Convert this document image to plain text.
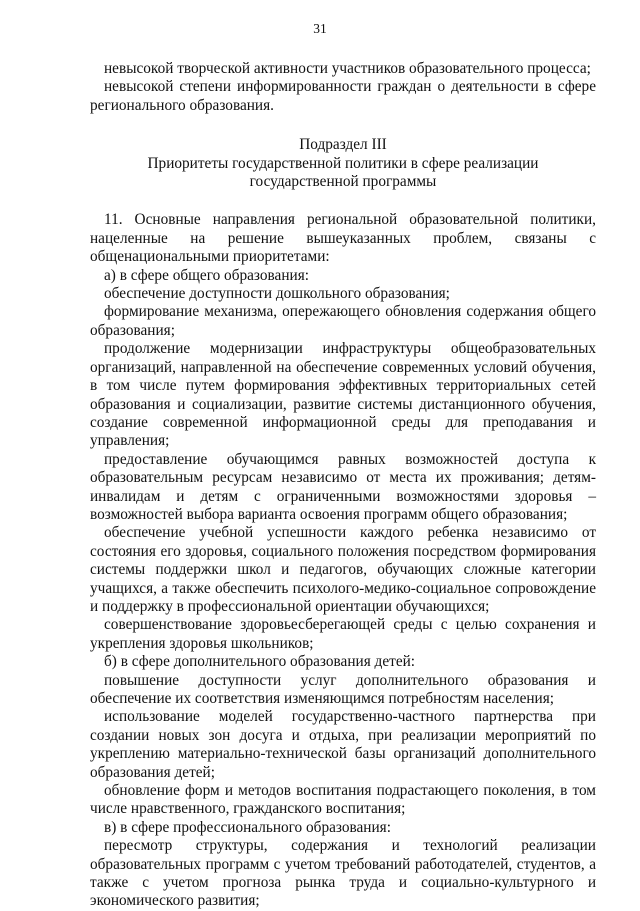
31

невысокой творческой активности участников образовательного процесса;

невысокой степени информированности граждан о деятельности в сфере регионального образования.

Подраздел III

Приоритеты государственной политики в сфере реализации

государственной программы

11. Основные направления региональной образовательной политики, нацеленные на решение вышеуказанных проблем, связаны с общенациональными приоритетами:

а) в сфере общего образования:

обеспечение доступности дошкольного образования;

формирование механизма, опережающего обновления содержания общего образования;

продолжение модернизации инфраструктуры общеобразовательных организаций, направленной на обеспечение современных условий обучения, в том числе путем формирования эффективных территориальных сетей образования и социализации, развитие системы дистанционного обучения, создание современной информационной среды для преподавания и управления;

предоставление обучающимся равных возможностей доступа к образовательным ресурсам независимо от места их проживания; детям-инвалидам и детям с ограниченными возможностями здоровья – возможностей выбора варианта освоения программ общего образования;

обеспечение учебной успешности каждого ребенка независимо от состояния его здоровья, социального положения посредством формирования системы поддержки школ и педагогов, обучающих сложные категории учащихся, а также обеспечить психолого-медико-социальное сопровождение и поддержку в профессиональной ориентации обучающихся;

совершенствование здоровьесберегающей среды с целью сохранения и укрепления здоровья школьников;

б) в сфере дополнительного образования детей:

повышение доступности услуг дополнительного образования и обеспечение их соответствия изменяющимся потребностям населения;

использование моделей государственно-частного партнерства при создании новых зон досуга и отдыха, при реализации мероприятий по укреплению материально-технической базы организаций дополнительного образования детей;

обновление форм и методов воспитания подрастающего поколения, в том числе нравственного, гражданского воспитания;

в) в сфере профессионального образования:

пересмотр структуры, содержания и технологий реализации образовательных программ с учетом требований работодателей, студентов, а также с учетом прогноза рынка труда и социально-культурного и экономического развития;
